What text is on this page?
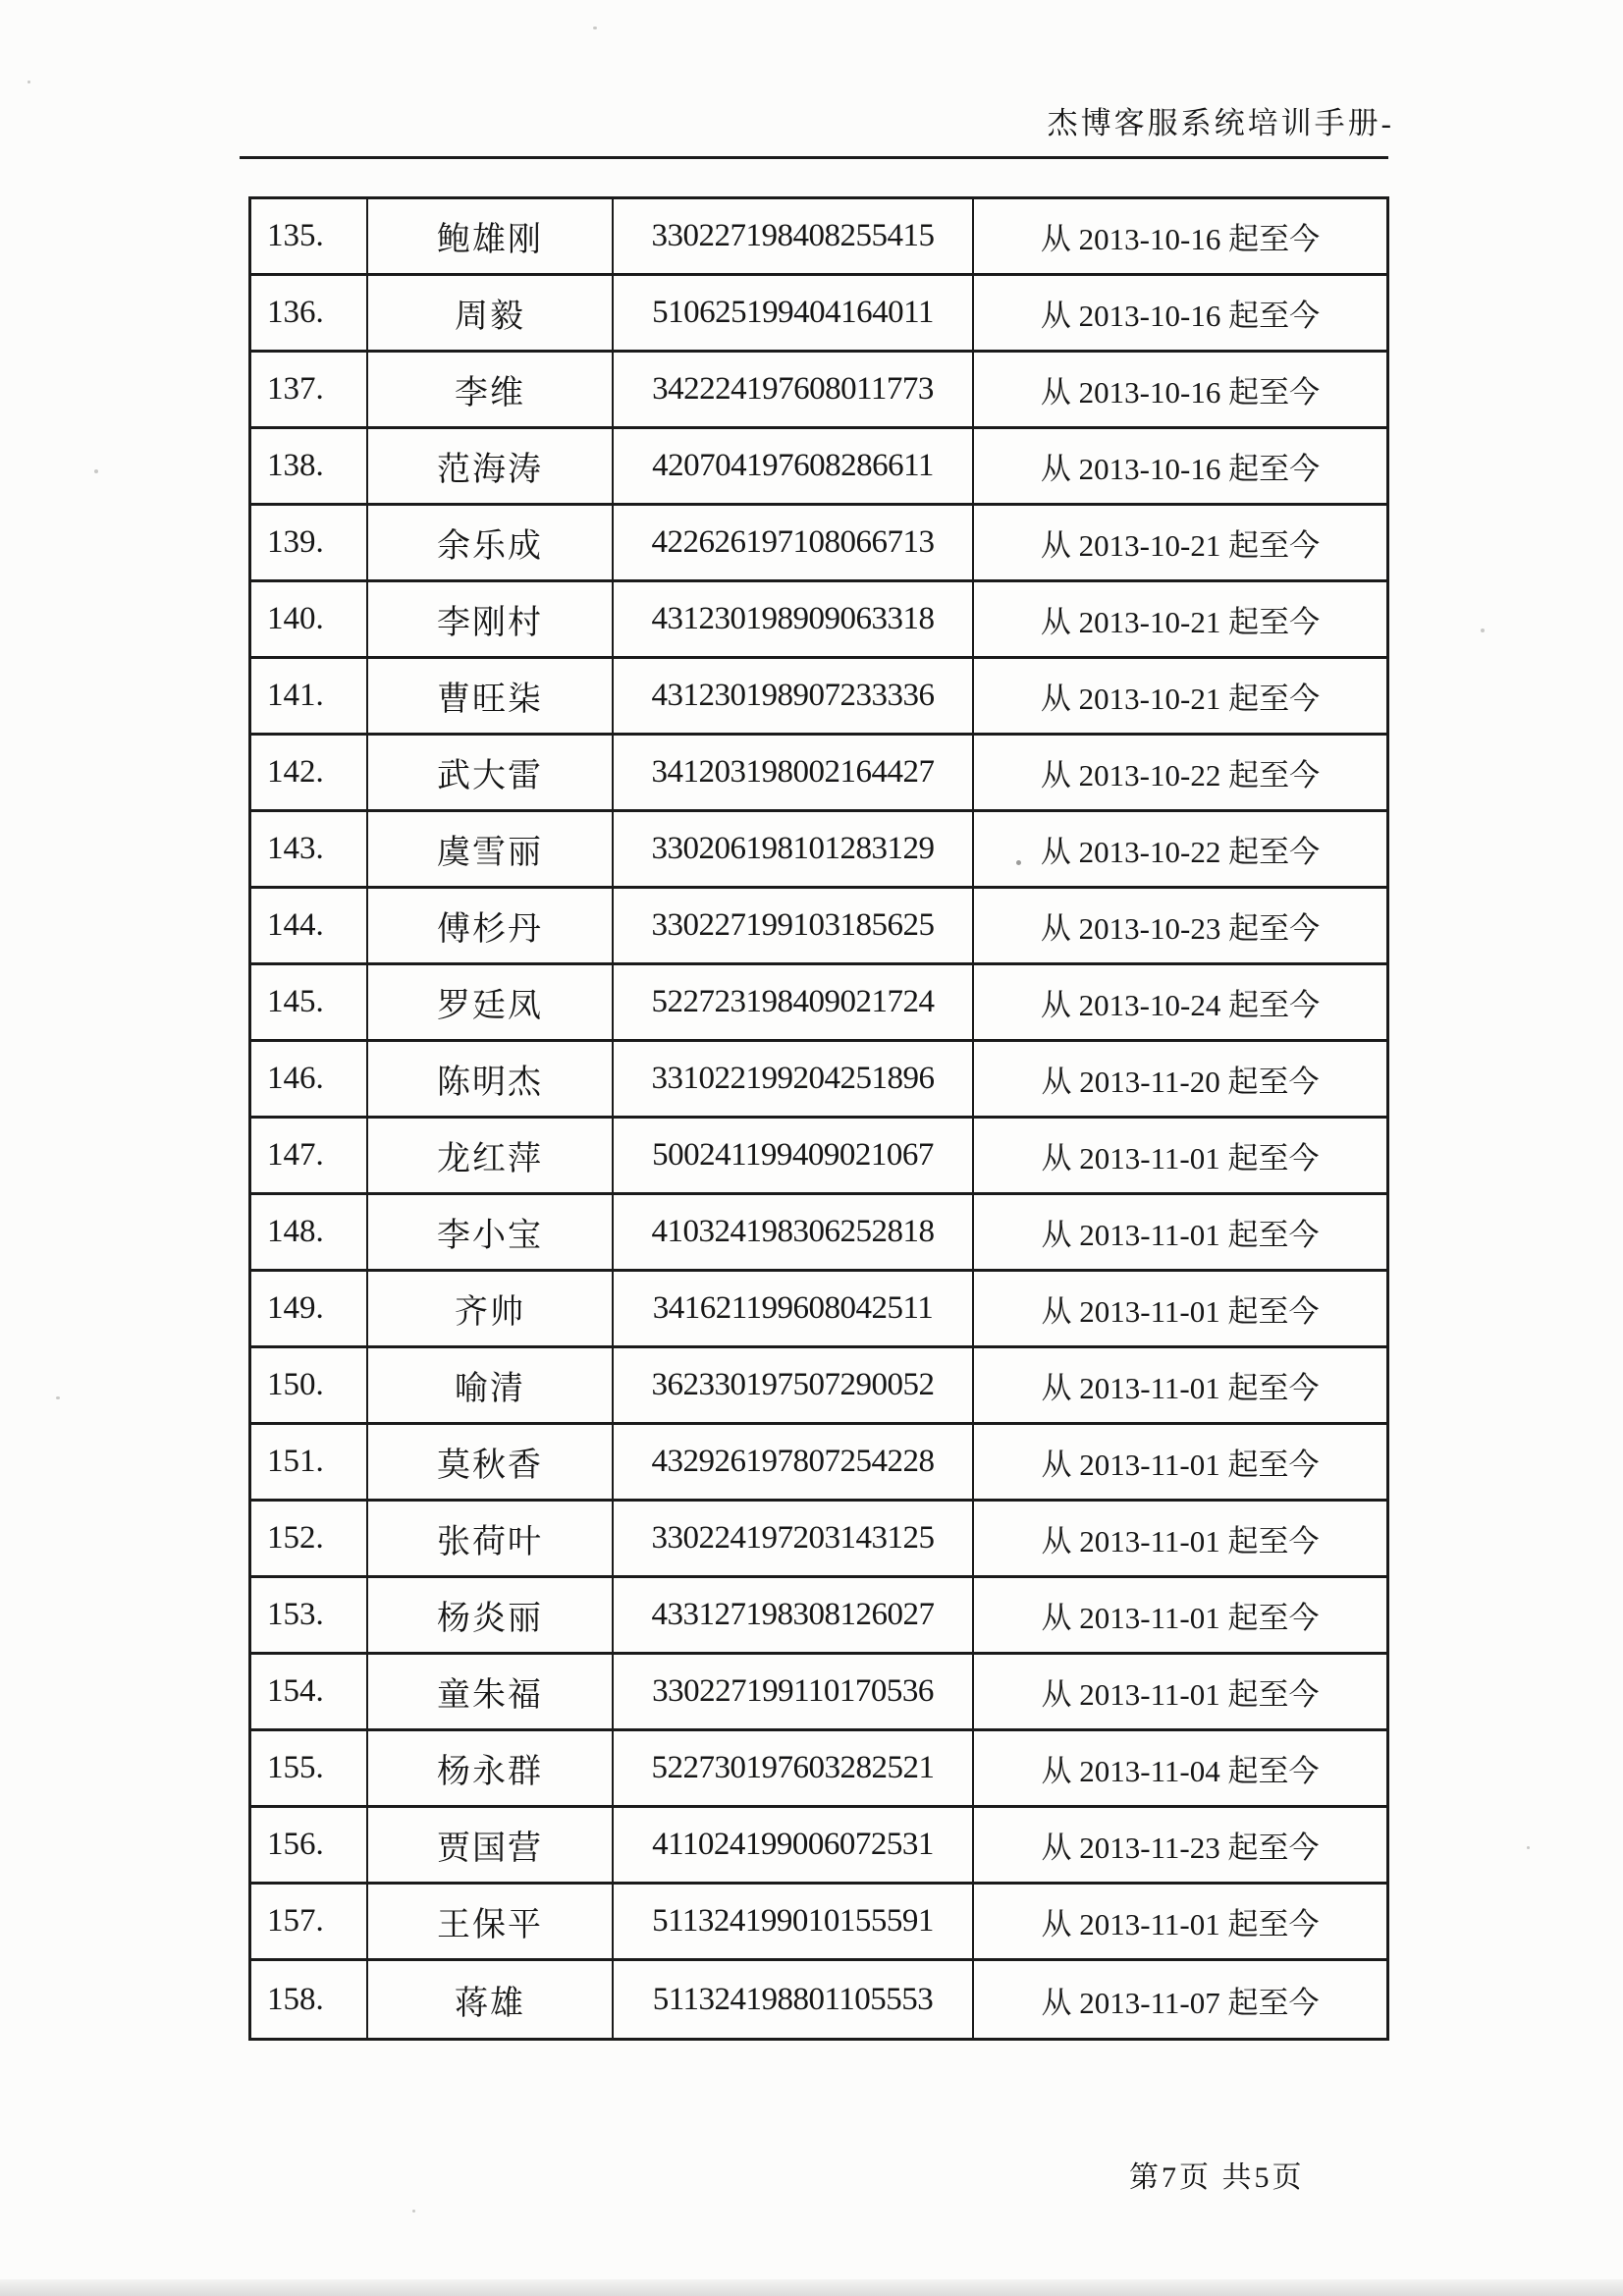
杰博客服系统培训手册-
135.	鲍雄刚	330227198408255415	从 2013-10-16 起至今
136.	周毅	510625199404164011	从 2013-10-16 起至今
137.	李维	342224197608011773	从 2013-10-16 起至今
138.	范海涛	420704197608286611	从 2013-10-16 起至今
139.	余乐成	422626197108066713	从 2013-10-21 起至今
140.	李刚村	431230198909063318	从 2013-10-21 起至今
141.	曹旺柒	431230198907233336	从 2013-10-21 起至今
142.	武大雷	341203198002164427	从 2013-10-22 起至今
143.	虞雪丽	330206198101283129	从 2013-10-22 起至今
144.	傅杉丹	330227199103185625	从 2013-10-23 起至今
145.	罗廷凤	522723198409021724	从 2013-10-24 起至今
146.	陈明杰	331022199204251896	从 2013-11-20 起至今
147.	龙红萍	500241199409021067	从 2013-11-01 起至今
148.	李小宝	410324198306252818	从 2013-11-01 起至今
149.	齐帅	341621199608042511	从 2013-11-01 起至今
150.	喻清	362330197507290052	从 2013-11-01 起至今
151.	莫秋香	432926197807254228	从 2013-11-01 起至今
152.	张荷叶	330224197203143125	从 2013-11-01 起至今
153.	杨炎丽	433127198308126027	从 2013-11-01 起至今
154.	童朱福	330227199110170536	从 2013-11-01 起至今
155.	杨永群	522730197603282521	从 2013-11-04 起至今
156.	贾国营	411024199006072531	从 2013-11-23 起至今
157.	王保平	511324199010155591	从 2013-11-01 起至今
158.	蒋雄	511324198801105553	从 2013-11-07 起至今
第7页 共5页
